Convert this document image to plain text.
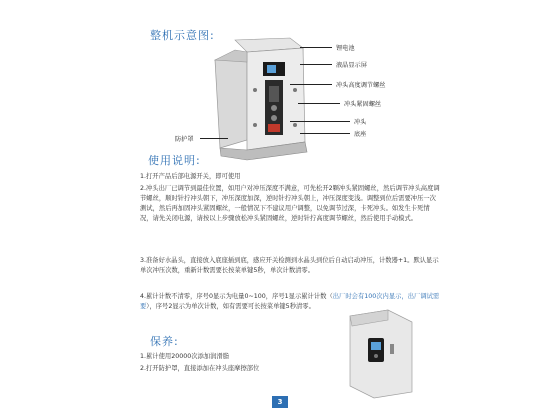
整机示意图:
锂电池
液晶显示屏
冲头高度调节螺丝
冲头紧固螺丝
冲头
底座
防护罩
使用说明:
1.打开产品后部电源开关，即可使用
2.冲头出厂已调节到最佳位置，如用户对冲压深度不满意，可先松开2颗冲头紧固螺丝，然后调节冲头高度调节螺丝，顺时针拧冲头朝下，冲压深度加深，逆时针拧冲头朝上，冲压深度变浅。调整到位后需要冲压一次测试，然后再加固冲头紧固螺丝，一般情况下不建议用户调整，以免调节过深，卡死冲头。如发生卡死情况，请先关闭电源，请按以上步骤放松冲头紧固螺丝，逆时针拧高度调节螺丝，然后使用手动模式。
3.准备好水晶头，直接放入底座插到底，感应开关检测到水晶头到位后自动启动冲压，计数器+1。默认显示单次冲压次数，重新计数需要长按菜单键5秒，单次计数清零。
4.累计计数不清零，序号0显示为电量0~100，序号1显示累计计数（出厂时会有100次内显示，出厂调试需要），序号2显示为单次计数，如有需要可长按菜单键5秒清零。
保养:
1.累计使用20000次添加润滑脂
2.打开防护罩，直接添加在冲头座摩擦部位
3
